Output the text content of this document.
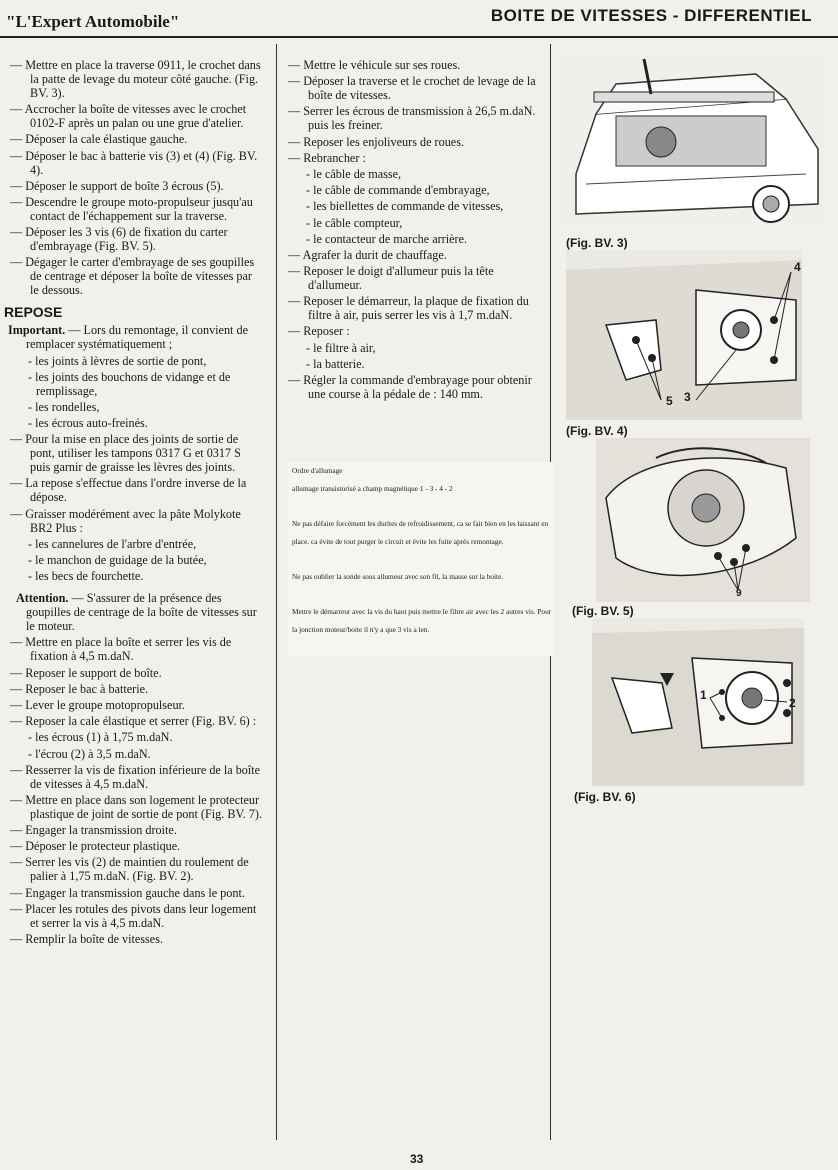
"L'Expert Automobile"	BOITE DE VITESSES - DIFFERENTIEL

— Mettre en place la traverse 0911, le crochet dans la patte de levage du moteur côté gauche. (Fig. BV. 3).

— Accrocher la boîte de vitesses avec le crochet 0102-F après un palan ou une grue d'atelier.

— Déposer la cale élastique gauche.

— Déposer le bac à batterie vis (3) et (4) (Fig. BV. 4).

— Déposer le support de boîte 3 écrous (5).

— Descendre le groupe moto-propulseur jusqu'au contact de l'échappement sur la traverse.

— Déposer les 3 vis (6) de fixation du carter d'embrayage (Fig. BV. 5).

— Dégager le carter d'embrayage de ses goupilles de centrage et déposer la boîte de vitesses par le dessous.

REPOSE

Important. — Lors du remontage, il convient de remplacer systématiquement ;

- les joints à lèvres de sortie de pont,

- les joints des bouchons de vidange et de remplissage,

- les rondelles,

- les écrous auto-freinés.

— Pour la mise en place des joints de sortie de pont, utiliser les tampons 0317 G et 0317 S puis garnir de graisse les lèvres des joints.

— La repose s'effectue dans l'ordre inverse de la dépose.

— Graisser modérément avec la pâte Molykote BR2 Plus :

- les cannelures de l'arbre d'entrée,

- le manchon de guidage de la butée,

- les becs de fourchette.

Attention. — S'assurer de la présence des goupilles de centrage de la boîte de vitesses sur le moteur.

— Mettre en place la boîte et serrer les vis de fixation à 4,5 m.daN.

— Reposer le support de boîte.

— Reposer le bac à batterie.

— Lever le groupe motopropulseur.

— Reposer la cale élastique et serrer (Fig. BV. 6) :

- les écrous (1) à 1,75 m.daN.

- l'écrou (2) à 3,5 m.daN.

— Resserrer la vis de fixation inférieure de la boîte de vitesses à 4,5 m.daN.

— Mettre en place dans son logement le protecteur plastique de joint de sortie de pont (Fig. BV. 7).

— Engager la transmission droite.

— Déposer le protecteur plastique.

— Serrer les vis (2) de maintien du roulement de palier à 1,75 m.daN. (Fig. BV. 2).

— Engager la transmission gauche dans le pont.

— Placer les rotules des pivots dans leur logement et serrer la vis à 4,5 m.daN.

— Remplir la boîte de vitesses.

— Mettre le véhicule sur ses roues.

— Déposer la traverse et le crochet de levage de la boîte de vitesses.

— Serrer les écrous de transmission à 26,5 m.daN. puis les freiner.

— Reposer les enjoliveurs de roues.

— Rebrancher :

- le câble de masse,

- le câble de commande d'embrayage,

- les biellettes de commande de vitesses,

- le câble compteur,

- le contacteur de marche arrière.

— Agrafer la durit de chauffage.

— Reposer le doigt d'allumeur puis la tête d'allumeur.

— Reposer le démarreur, la plaque de fixation du filtre à air, puis serrer les vis à 1,7 m.daN.

— Reposer :

- le filtre à air,

- la batterie.

— Régler la commande d'embrayage pour obtenir une course à la pédale de : 140 mm.

Ordre d'allumage

allumage transistorisé a champ magnétique 1 - 3 - 4 - 2

Ne pas défaire forcément les durites de refroidissement, ca se fait bien en les laissant en place. ca évite de tout purger le circuit et évite les fuite après remontage.

Ne pas oublier la sonde sous allumeur avec son fil, la masse sur la boite.

Mettre le démarreur avec la vis du haut puis mettre le filtre air avec les 2 autres vis. Pour la jonction moteur/boite il n'y a que 3 vis a len.

(Fig. BV. 3)
4
5 3
(Fig. BV. 4)
9
(Fig. BV. 5)
1
2
(Fig. BV. 6)
33
